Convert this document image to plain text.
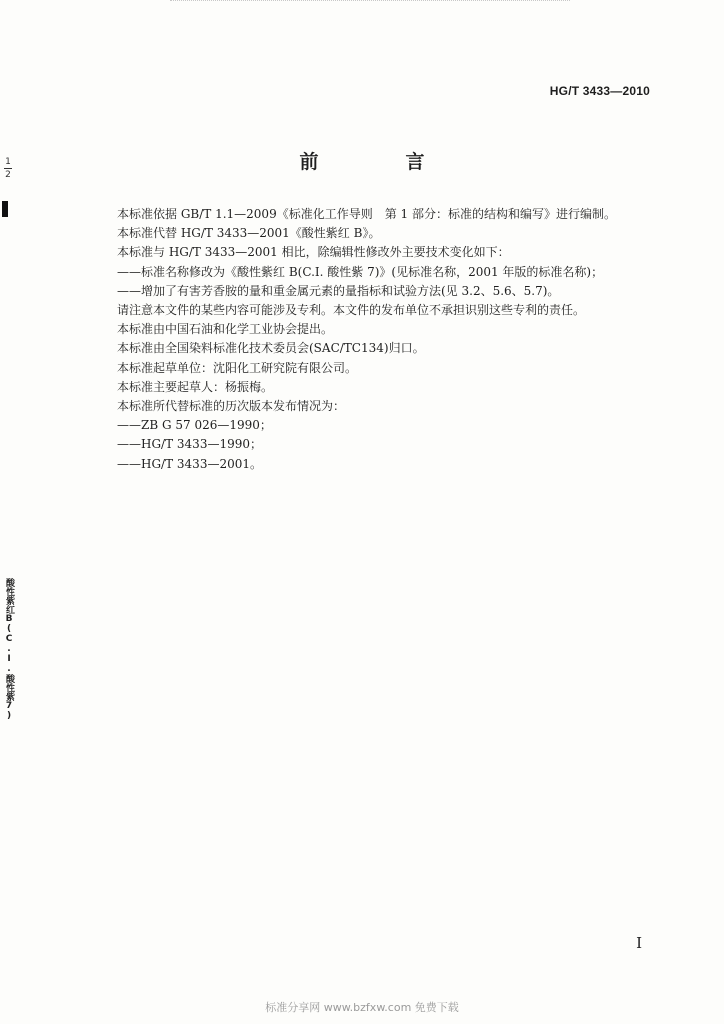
HG/T 3433—2010
前　言

本标准依据 GB/T 1.1—2009《标准化工作导则　第 1 部分：标准的结构和编写》进行编制。

本标准代替 HG/T 3433—2001《酸性紫红 B》。

本标准与 HG/T 3433—2001 相比，除编辑性修改外主要技术变化如下：

——标准名称修改为《酸性紫红 B(C.I. 酸性紫 7)》(见标准名称，2001 年版的标准名称)；

——增加了有害芳香胺的量和重金属元素的量指标和试验方法(见 3.2、5.6、5.7)。

请注意本文件的某些内容可能涉及专利。本文件的发布单位不承担识别这些专利的责任。

本标准由中国石油和化学工业协会提出。

本标准由全国染料标准化技术委员会(SAC/TC134)归口。

本标准起草单位：沈阳化工研究院有限公司。

本标准主要起草人：杨振梅。

本标准所代替标准的历次版本发布情况为：

——ZB G 57 026—1990；

——HG/T 3433—1990；

——HG/T 3433—2001。

1
2
酸性紫红B(C.I.酸性紫7)
I
标准分享网 www.bzfxw.com 免费下载
